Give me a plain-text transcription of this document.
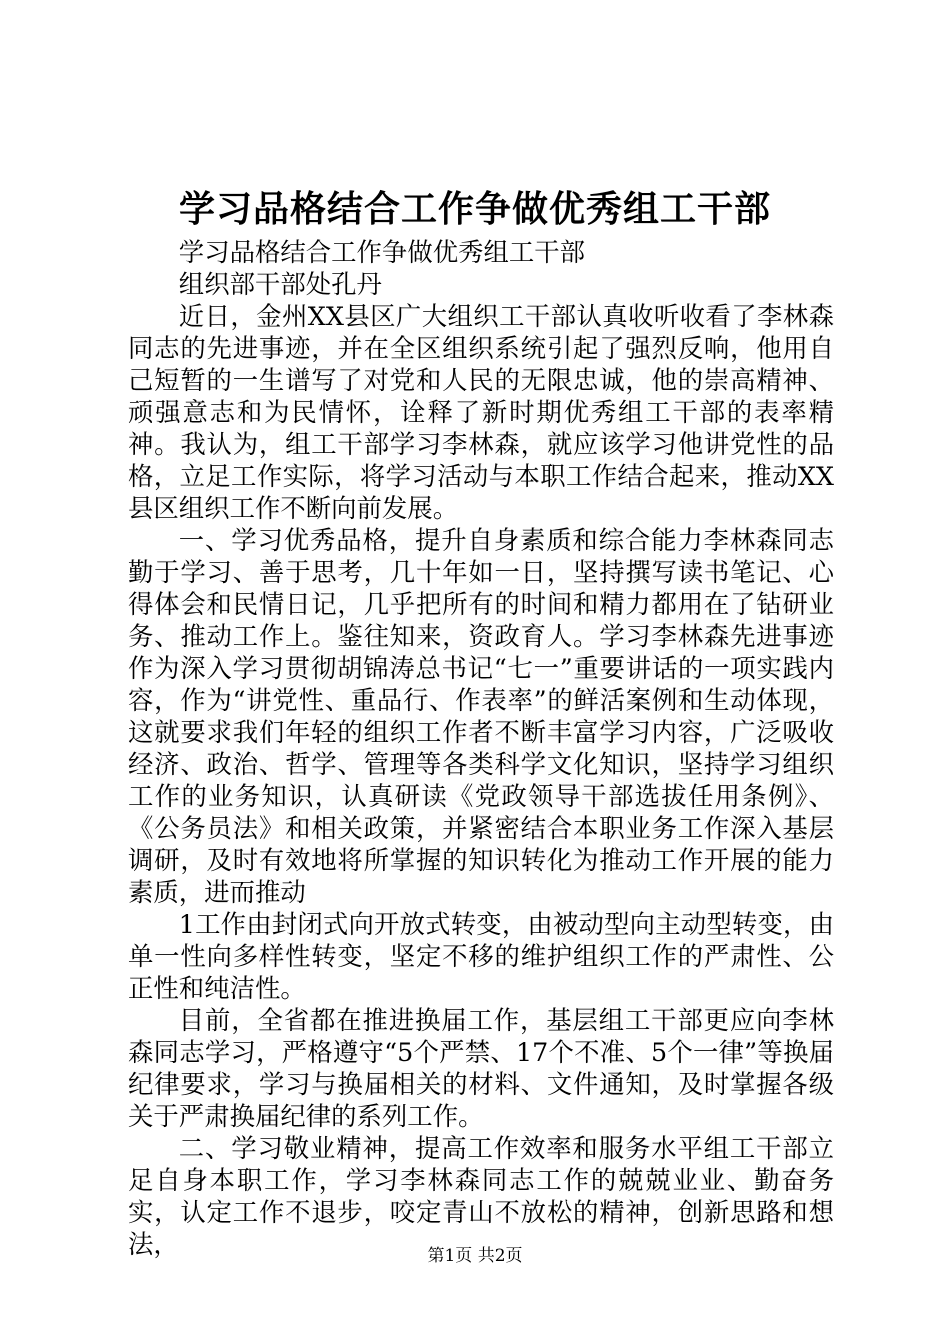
学习品格结合工作争做优秀组工干部

学习品格结合工作争做优秀组工干部

组织部干部处孔丹

近日，金州XX县区广大组织工干部认真收听收看了李林森同志的先进事迹，并在全区组织系统引起了强烈反响，他用自己短暂的一生谱写了对党和人民的无限忠诚，他的崇高精神、顽强意志和为民情怀，诠释了新时期优秀组工干部的表率精神。我认为，组工干部学习李林森，就应该学习他讲党性的品格，立足工作实际，将学习活动与本职工作结合起来，推动XX县区组织工作不断向前发展。

一、学习优秀品格，提升自身素质和综合能力李林森同志勤于学习、善于思考，几十年如一日，坚持撰写读书笔记、心得体会和民情日记，几乎把所有的时间和精力都用在了钻研业务、推动工作上。鉴往知来，资政育人。学习李林森先进事迹作为深入学习贯彻胡锦涛总书记“七一”重要讲话的一项实践内容，作为“讲党性、重品行、作表率”的鲜活案例和生动体现，这就要求我们年轻的组织工作者不断丰富学习内容，广泛吸收经济、政治、哲学、管理等各类科学文化知识，坚持学习组织工作的业务知识，认真研读《党政领导干部选拔任用条例》、《公务员法》和相关政策，并紧密结合本职业务工作深入基层调研，及时有效地将所掌握的知识转化为推动工作开展的能力素质，进而推动

1工作由封闭式向开放式转变，由被动型向主动型转变，由单一性向多样性转变，坚定不移的维护组织工作的严肃性、公正性和纯洁性。

目前，全省都在推进换届工作，基层组工干部更应向李林森同志学习，严格遵守“5个严禁、17个不准、5个一律”等换届纪律要求，学习与换届相关的材料、文件通知，及时掌握各级关于严肃换届纪律的系列工作。

二、学习敬业精神，提高工作效率和服务水平组工干部立足自身本职工作，学习李林森同志工作的兢兢业业、勤奋务实，认定工作不退步，咬定青山不放松的精神，创新思路和想法，	第1页 共2页
